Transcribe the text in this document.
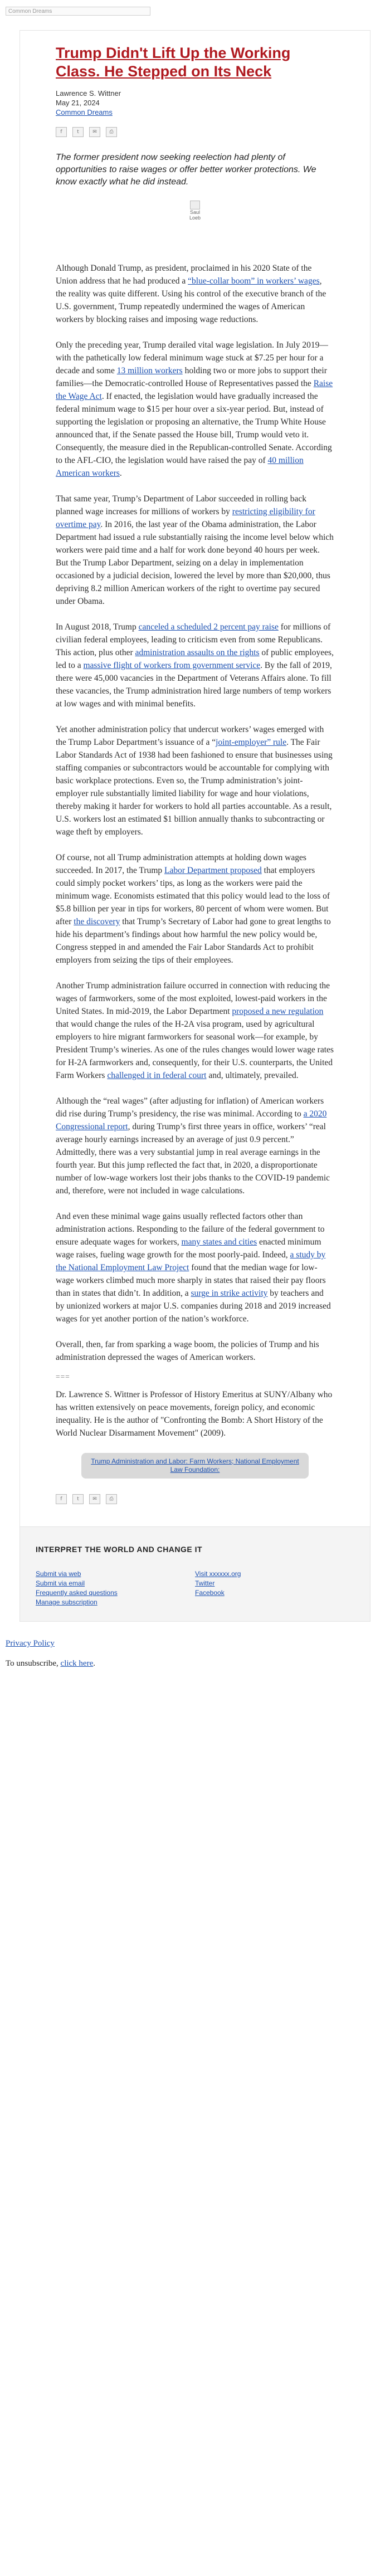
Common Dreams
Trump Didn't Lift Up the Working Class. He Stepped on Its Neck
Lawrence S. Wittner
May 21, 2024
Common Dreams
f	t	✉	⎙
The former president now seeking reelection had plenty of opportunities to raise wages or offer better worker protections. We know exactly what he did instead.
Saul Loeb

Although Donald Trump, as president, proclaimed in his 2020 State of the Union address that he had produced a “blue-collar boom” in workers’ wages, the reality was quite different. Using his control of the executive branch of the U.S. government, Trump repeatedly undermined the wages of American workers by blocking raises and imposing wage reductions.

Only the preceding year, Trump derailed vital wage legislation. In July 2019—with the pathetically low federal minimum wage stuck at $7.25 per hour for a decade and some 13 million workers holding two or more jobs to support their families—the Democratic-controlled House of Representatives passed the Raise the Wage Act. If enacted, the legislation would have gradually increased the federal minimum wage to $15 per hour over a six-year period. But, instead of supporting the legislation or proposing an alternative, the Trump White House announced that, if the Senate passed the House bill, Trump would veto it. Consequently, the measure died in the Republican-controlled Senate. According to the AFL-CIO, the legislation would have raised the pay of 40 million American workers.

That same year, Trump’s Department of Labor succeeded in rolling back planned wage increases for millions of workers by restricting eligibility for overtime pay. In 2016, the last year of the Obama administration, the Labor Department had issued a rule substantially raising the income level below which workers were paid time and a half for work done beyond 40 hours per week. But the Trump Labor Department, seizing on a delay in implementation occasioned by a judicial decision, lowered the level by more than $20,000, thus depriving 8.2 million American workers of the right to overtime pay secured under Obama.

In August 2018, Trump canceled a scheduled 2 percent pay raise for millions of civilian federal employees, leading to criticism even from some Republicans. This action, plus other administration assaults on the rights of public employees, led to a massive flight of workers from government service. By the fall of 2019, there were 45,000 vacancies in the Department of Veterans Affairs alone. To fill these vacancies, the Trump administration hired large numbers of temp workers at low wages and with minimal benefits.

Yet another administration policy that undercut workers’ wages emerged with the Trump Labor Department’s issuance of a “joint-employer” rule. The Fair Labor Standards Act of 1938 had been fashioned to ensure that businesses using staffing companies or subcontractors would be accountable for complying with basic workplace protections. Even so, the Trump administration’s joint-employer rule substantially limited liability for wage and hour violations, thereby making it harder for workers to hold all parties accountable. As a result, U.S. workers lost an estimated $1 billion annually thanks to subcontracting or wage theft by employers.

Of course, not all Trump administration attempts at holding down wages succeeded. In 2017, the Trump Labor Department proposed that employers could simply pocket workers’ tips, as long as the workers were paid the minimum wage. Economists estimated that this policy would lead to the loss of $5.8 billion per year in tips for workers, 80 percent of whom were women. But after the discovery that Trump’s Secretary of Labor had gone to great lengths to hide his department’s findings about how harmful the new policy would be, Congress stepped in and amended the Fair Labor Standards Act to prohibit employers from seizing the tips of their employees.

Another Trump administration failure occurred in connection with reducing the wages of farmworkers, some of the most exploited, lowest-paid workers in the United States. In mid-2019, the Labor Department proposed a new regulation that would change the rules of the H-2A visa program, used by agricultural employers to hire migrant farmworkers for seasonal work—for example, by President Trump’s wineries. As one of the rules changes would lower wage rates for H-2A farmworkers and, consequently, for their U.S. counterparts, the United Farm Workers challenged it in federal court and, ultimately, prevailed.

Although the “real wages” (after adjusting for inflation) of American workers did rise during Trump’s presidency, the rise was minimal. According to a 2020 Congressional report, during Trump’s first three years in office, workers’ “real average hourly earnings increased by an average of just 0.9 percent.” Admittedly, there was a very substantial jump in real average earnings in the fourth year. But this jump reflected the fact that, in 2020, a disproportionate number of low-wage workers lost their jobs thanks to the COVID-19 pandemic and, therefore, were not included in wage calculations.

And even these minimal wage gains usually reflected factors other than administration actions. Responding to the failure of the federal government to ensure adequate wages for workers, many states and cities enacted minimum wage raises, fueling wage growth for the most poorly-paid. Indeed, a study by the National Employment Law Project found that the median wage for low-wage workers climbed much more sharply in states that raised their pay floors than in states that didn’t. In addition, a surge in strike activity by teachers and by unionized workers at major U.S. companies during 2018 and 2019 increased wages for yet another portion of the nation’s workforce.

Overall, then, far from sparking a wage boom, the policies of Trump and his administration depressed the wages of American workers.

===
Dr. Lawrence S. Wittner is Professor of History Emeritus at SUNY/Albany who has written extensively on peace movements, foreign policy, and economic inequality. He is the author of "Confronting the Bomb: A Short History of the World Nuclear Disarmament Movement" (2009).
Trump Administration and Labor: Farm Workers; National Employment Law Foundation:
f	t	✉	⎙
INTERPRET THE WORLD AND CHANGE IT
Submit via web
Submit via email
Frequently asked questions
Manage subscription
Visit xxxxxx.org
Twitter
Facebook

Privacy Policy

To unsubscribe, click here.
